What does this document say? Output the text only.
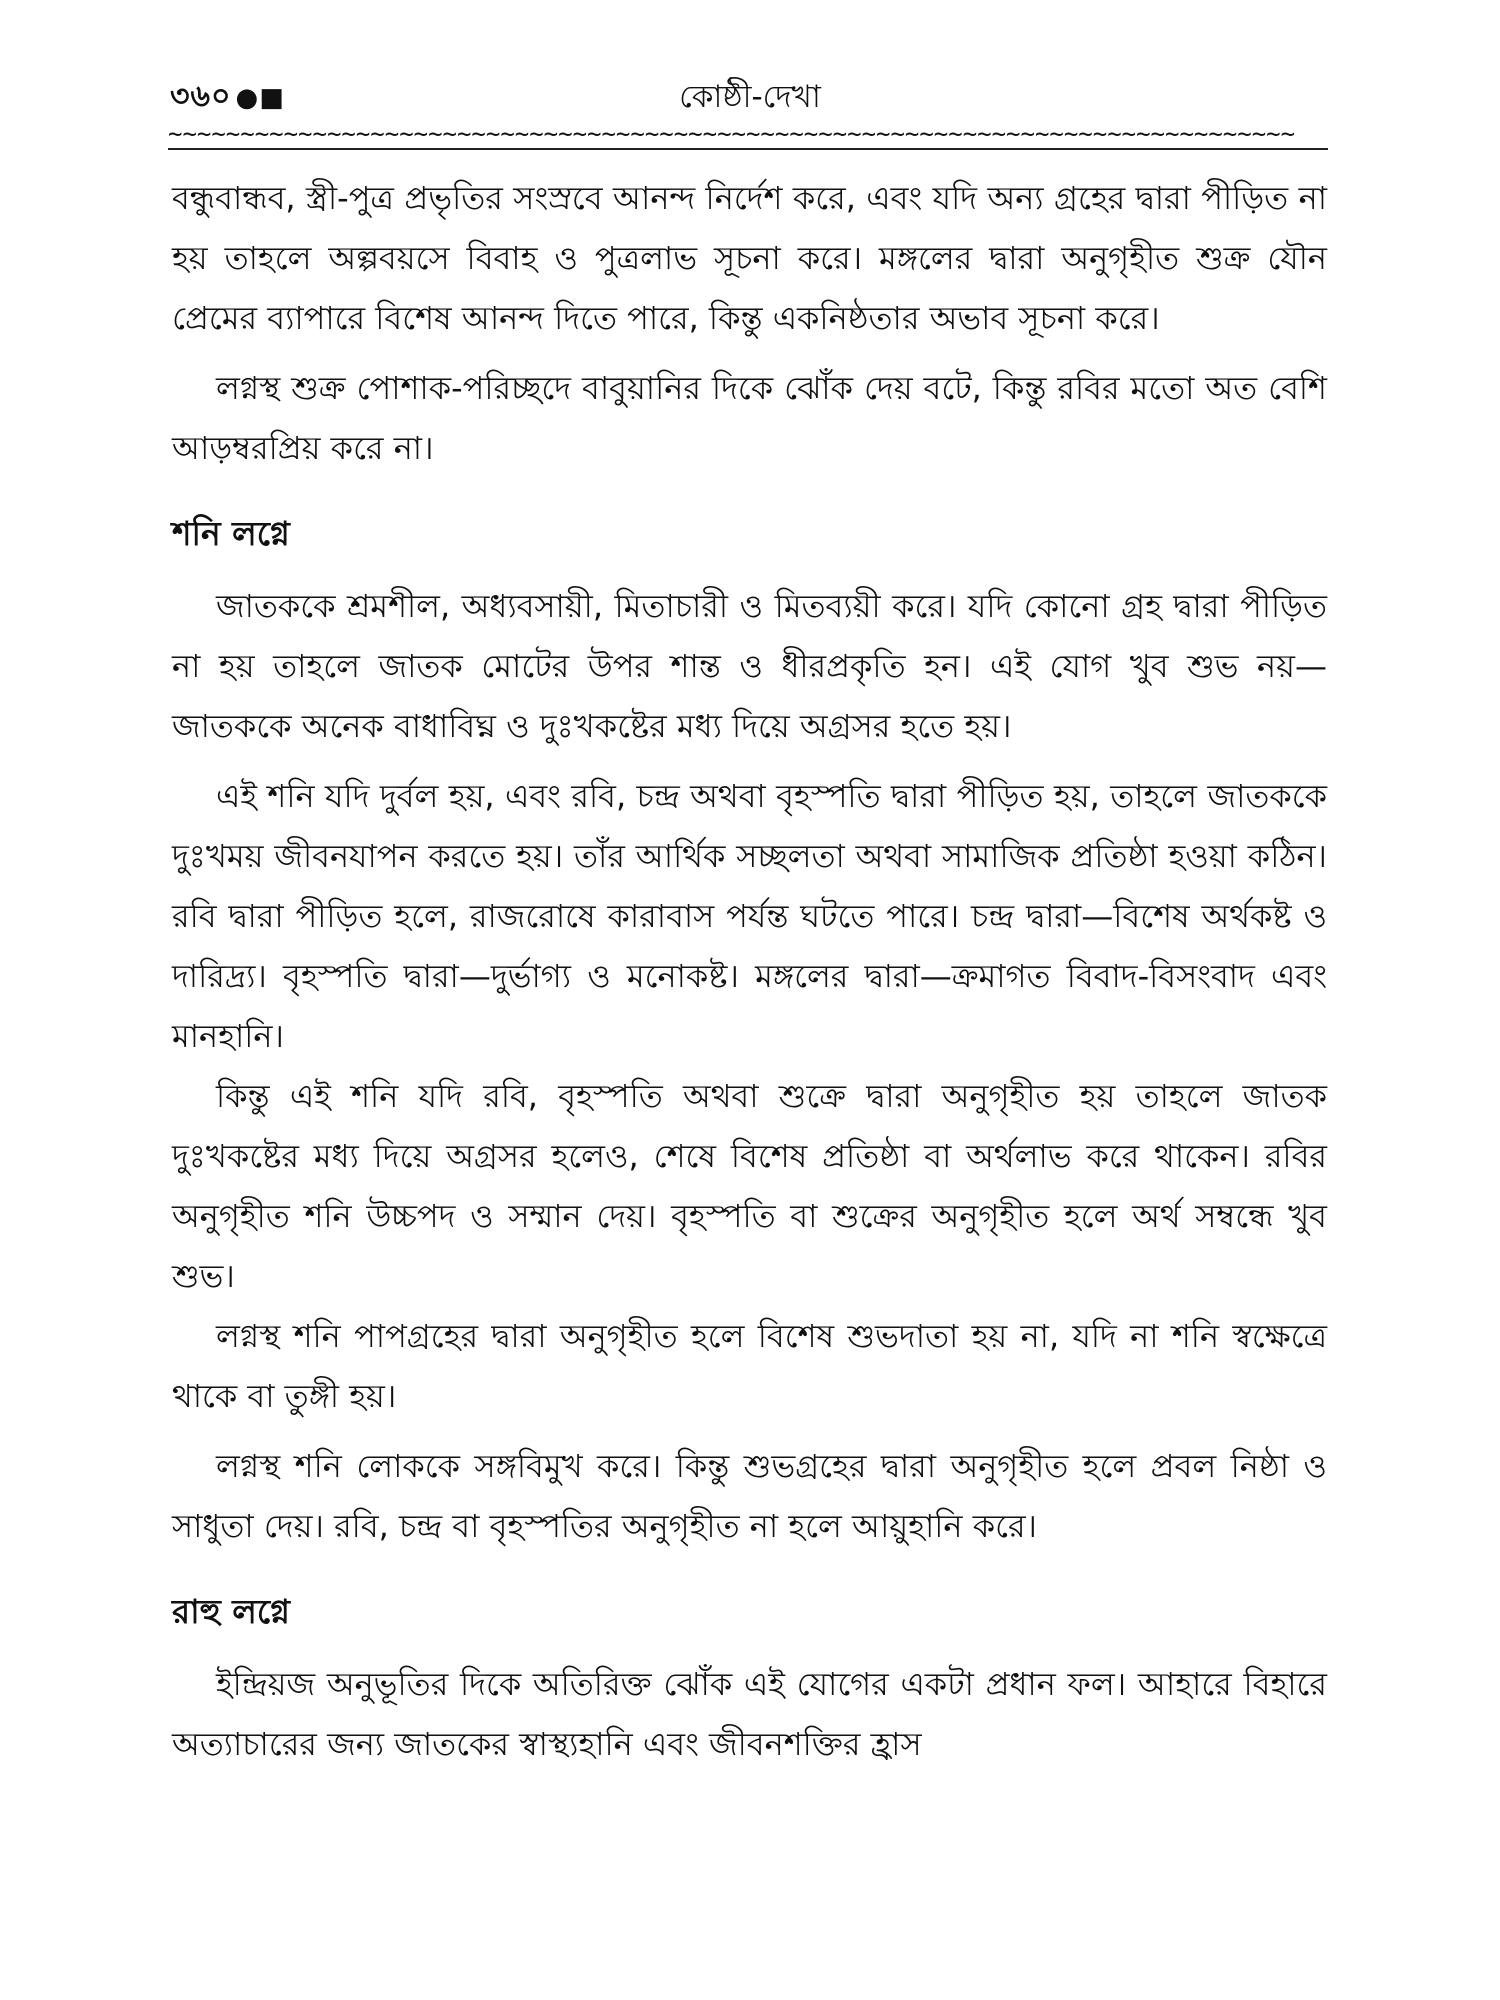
৩৬০ ●■	কোষ্ঠী-দেখা
~~~~~~~~~~~~~~~~~~~~~~~~~~~~~~~~~~~~~~~~~~~~~~~~~~~~~~~~~~~~~~~~~~~~~~~~~~~~~~

বন্ধুবান্ধব, স্ত্রী-পুত্র প্রভৃতির সংস্রবে আনন্দ নির্দেশ করে, এবং যদি অন্য গ্রহের দ্বারা পীড়িত না হয় তাহলে অল্পবয়সে বিবাহ ও পুত্রলাভ সূচনা করে। মঙ্গলের দ্বারা অনুগৃহীত শুক্র যৌন প্রেমের ব্যাপারে বিশেষ আনন্দ দিতে পারে, কিন্তু একনিষ্ঠতার অভাব সূচনা করে।

লগ্নস্থ শুক্র পোশাক-পরিচ্ছদে বাবুয়ানির দিকে ঝোঁক দেয় বটে, কিন্তু রবির মতো অত বেশি আড়ম্বরপ্রিয় করে না।

শনি লগ্নে

জাতককে শ্রমশীল, অধ্যবসায়ী, মিতাচারী ও মিতব্যয়ী করে। যদি কোনো গ্রহ দ্বারা পীড়িত না হয় তাহলে জাতক মোটের উপর শান্ত ও ধীরপ্রকৃতি হন। এই যোগ খুব শুভ নয়—জাতককে অনেক বাধাবিঘ্ন ও দুঃখকষ্টের মধ্য দিয়ে অগ্রসর হতে হয়।

এই শনি যদি দুর্বল হয়, এবং রবি, চন্দ্র অথবা বৃহস্পতি দ্বারা পীড়িত হয়, তাহলে জাতককে দুঃখময় জীবনযাপন করতে হয়। তাঁর আর্থিক সচ্ছলতা অথবা সামাজিক প্রতিষ্ঠা হওয়া কঠিন। রবি দ্বারা পীড়িত হলে, রাজরোষে কারাবাস পর্যন্ত ঘটতে পারে। চন্দ্র দ্বারা—বিশেষ অর্থকষ্ট ও দারিদ্র্য। বৃহস্পতি দ্বারা—দুর্ভাগ্য ও মনোকষ্ট। মঙ্গলের দ্বারা—ক্রমাগত বিবাদ-বিসংবাদ এবং মানহানি।

কিন্তু এই শনি যদি রবি, বৃহস্পতি অথবা শুক্রে দ্বারা অনুগৃহীত হয় তাহলে জাতক দুঃখকষ্টের মধ্য দিয়ে অগ্রসর হলেও, শেষে বিশেষ প্রতিষ্ঠা বা অর্থলাভ করে থাকেন। রবির অনুগৃহীত শনি উচ্চপদ ও সম্মান দেয়। বৃহস্পতি বা শুক্রের অনুগৃহীত হলে অর্থ সম্বন্ধে খুব শুভ।

লগ্নস্থ শনি পাপগ্রহের দ্বারা অনুগৃহীত হলে বিশেষ শুভদাতা হয় না, যদি না শনি স্বক্ষেত্রে থাকে বা তুঙ্গী হয়।

লগ্নস্থ শনি লোককে সঙ্গবিমুখ করে। কিন্তু শুভগ্রহের দ্বারা অনুগৃহীত হলে প্রবল নিষ্ঠা ও সাধুতা দেয়। রবি, চন্দ্র বা বৃহস্পতির অনুগৃহীত না হলে আয়ুহানি করে।

রাহু লগ্নে

ইন্দ্রিয়জ অনুভূতির দিকে অতিরিক্ত ঝোঁক এই যোগের একটা প্রধান ফল। আহারে বিহারে অত্যাচারের জন্য জাতকের স্বাস্থ্যহানি এবং জীবনশক্তির হ্রাস
